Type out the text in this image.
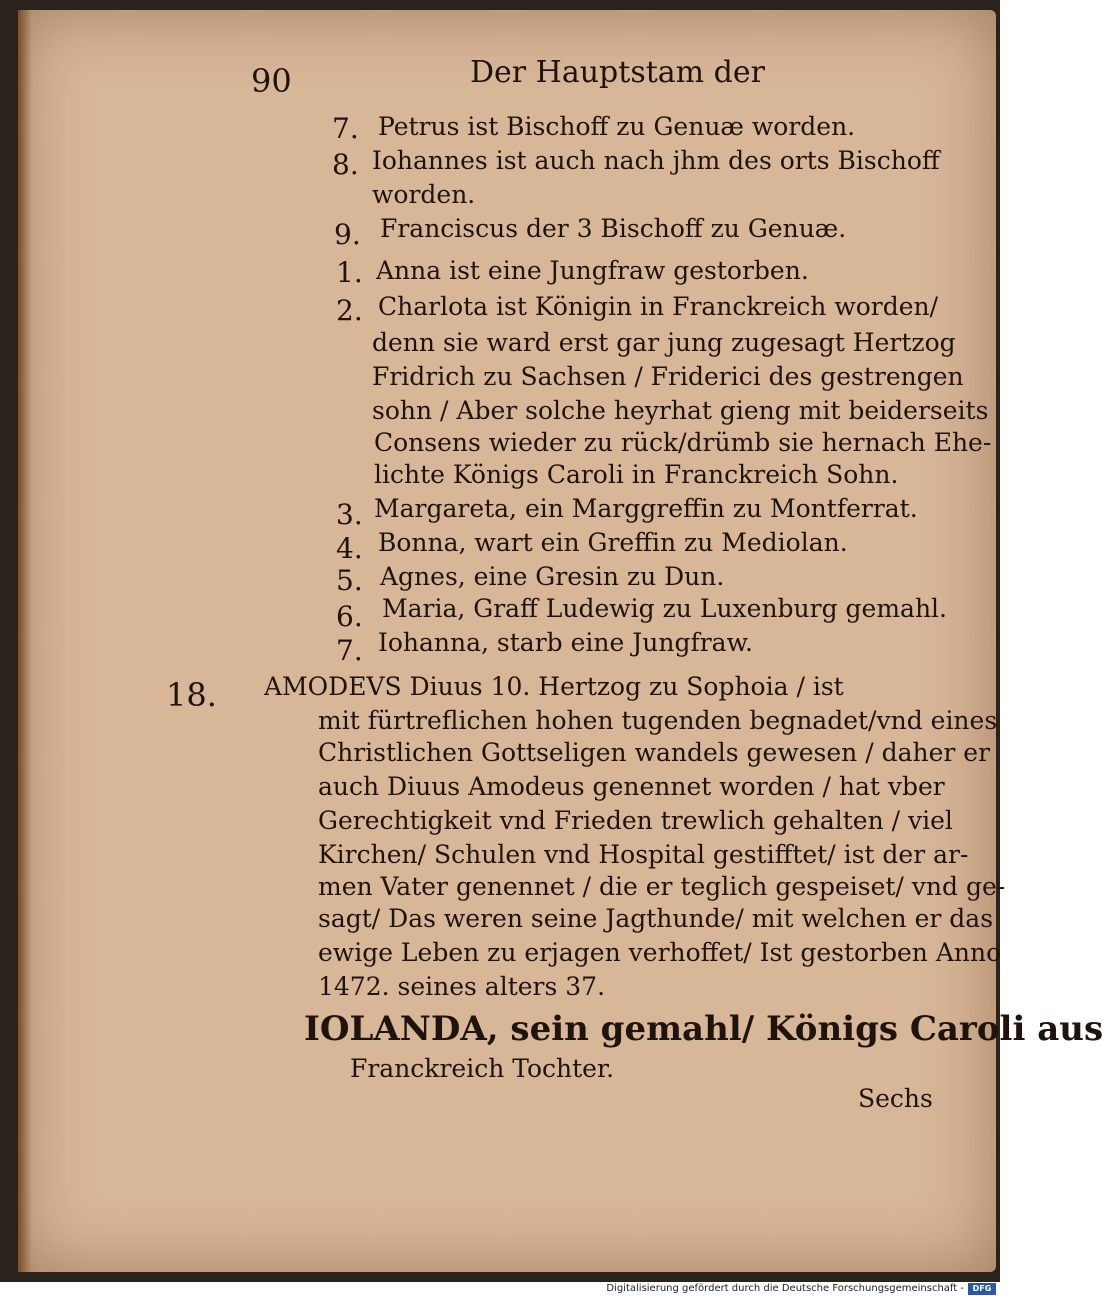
90	Der Hauptstam der
7. Petrus ist Bischoff zu Genuæ worden.
8. Iohannes ist auch nach jhm des orts Bischoff
worden.
9. Franciscus der 3 Bischoff zu Genuæ.
1. Anna ist eine Jungfraw gestorben.
2. Charlota ist Königin in Franckreich worden/
denn sie ward erst gar jung zugesagt Hertzog
Fridrich zu Sachsen / Friderici des gestrengen
sohn / Aber solche heyrhat gieng mit beiderseits
Consens wieder zu rück/drümb sie hernach Ehe-
lichte Königs Caroli in Franckreich Sohn.
3. Margareta, ein Marggreffin zu Montferrat.
4. Bonna, wart ein Greffin zu Mediolan.
5. Agnes, eine Gresin zu Dun.
6. Maria, Graff Ludewig zu Luxenburg gemahl.
7. Iohanna, starb eine Jungfraw.
18. AMODEVS Diuus 10. Hertzog zu Sophoia / ist
mit fürtreflichen hohen tugenden begnadet/vnd eines
Christlichen Gottseligen wandels gewesen / daher er
auch Diuus Amodeus genennet worden / hat vber
Gerechtigkeit vnd Frieden trewlich gehalten / viel
Kirchen/ Schulen vnd Hospital gestifftet/ ist der ar-
men Vater genennet / die er teglich gespeiset/ vnd ge-
sagt/ Das weren seine Jagthunde/ mit welchen er das
ewige Leben zu erjagen verhoffet/ Ist gestorben Anno
1472. seines alters 37.
IOLANDA, sein gemahl/ Königs Caroli aus
Franckreich Tochter.
Sechs
Digitalisierung gefördert durch die Deutsche Forschungsgemeinschaft -	DFG
